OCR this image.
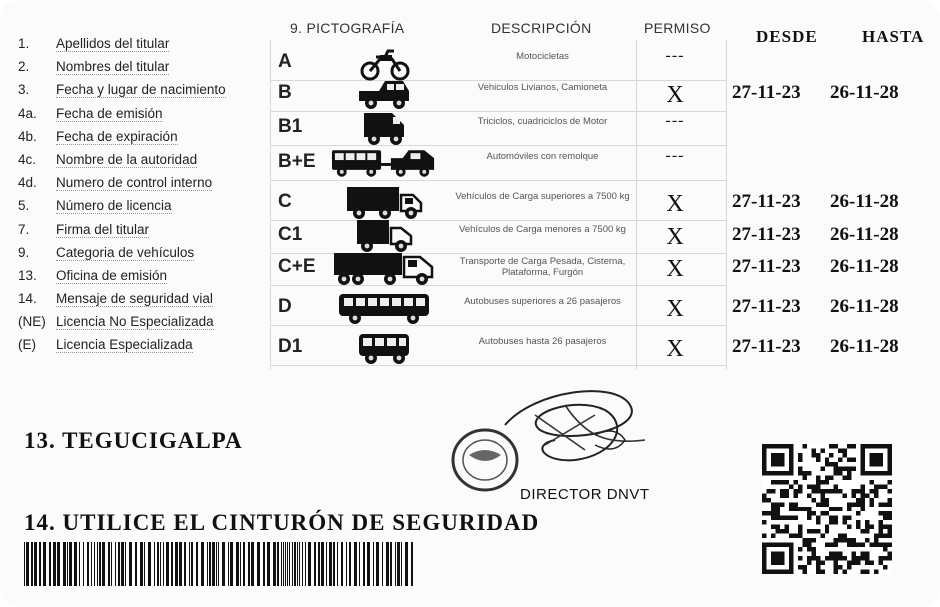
1.	Apellidos del titular
2.	Nombres del titular
3.	Fecha y lugar de nacimiento
4a.	Fecha de emisión
4b.	Fecha de expiración
4c.	Nombre de la autoridad
4d.	Numero de control interno
5.	Número de licencia
7.	Firma del titular
9.	Categoria de vehículos
13.	Oficina de emisión
14.	Mensaje de seguridad vial
(NE) Licencia No Especializada
(E)	Licencia Especializada
9. PICTOGRAFÍA	DESCRIPCIÓN	PERMISO	DESDE	HASTA
A	Motocicletas	---
B	Vehiculos Livianos, Camioneta	X	27-11-23 26-11-28
B1	Triciclos, cuadriciclos de Motor	---
B+E	Automóviles con remolque	---
C	Vehículos de Carga superiores a 7500 kg	X	27-11-23 26-11-28
C1	Vehículos de Carga menores a 7500 kg	X	27-11-23 26-11-28
C+E	Transporte de Carga Pesada, Cisterna, Plataforma, Furgón	X	27-11-23 26-11-28
D	Autobuses superiores a 26 pasajeros	X	27-11-23 26-11-28
D1	Autobuses hasta 26 pasajeros	X	27-11-23 26-11-28
13. TEGUCIGALPA
14. UTILICE EL CINTURÓN DE SEGURIDAD
DIRECTOR DNVT
